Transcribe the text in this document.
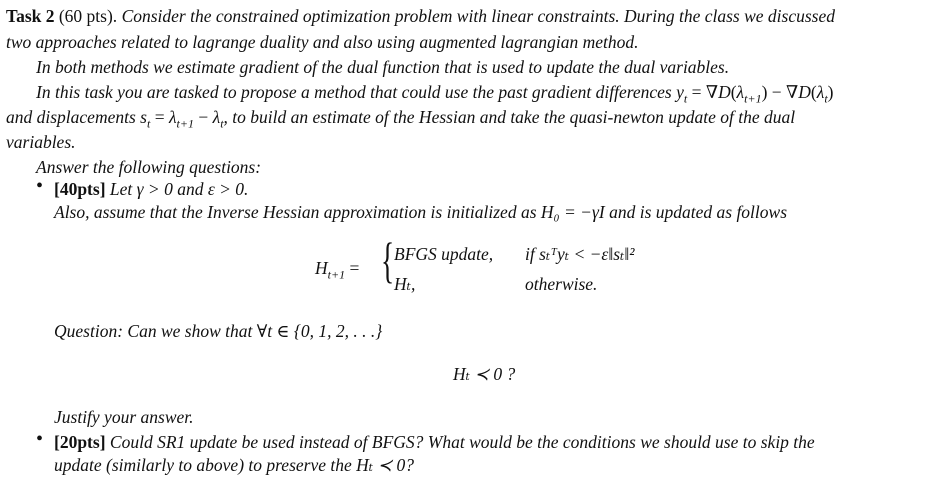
Task 2 (60 pts). Consider the constrained optimization problem with linear constraints. During the class we discussed
two approaches related to lagrange duality and also using augmented lagrangian method.
In both methods we estimate gradient of the dual function that is used to update the dual variables.
In this task you are tasked to propose a method that could use the past gradient differences $y_t = \nabla D(\lambda_{t+1}) - \nabla D(\lambda_t)$
and displacements $s_t = \lambda_{t+1} - \lambda_t$, to build an estimate of the Hessian and take the quasi-newton update of the dual
variables.
Answer the following questions:
• [40pts] Let γ > 0 and ε > 0.
Also, assume that the Inverse Hessian approximation is initialized as H₀ = −γI and is updated as follows
$H_{t+1}$ = { BFGS update, if sₜᵀyₜ < −ε‖sₜ‖²
Hₜ,	otherwise.
Question: Can we show that ∀t ∈ {0, 1, 2, . . .}
Hₜ ≺ 0 ?
Justify your answer.
• [20pts] Could SR1 update be used instead of BFGS? What would be the conditions we should use to skip the
update (similarly to above) to preserve the Hₜ ≺ 0?
